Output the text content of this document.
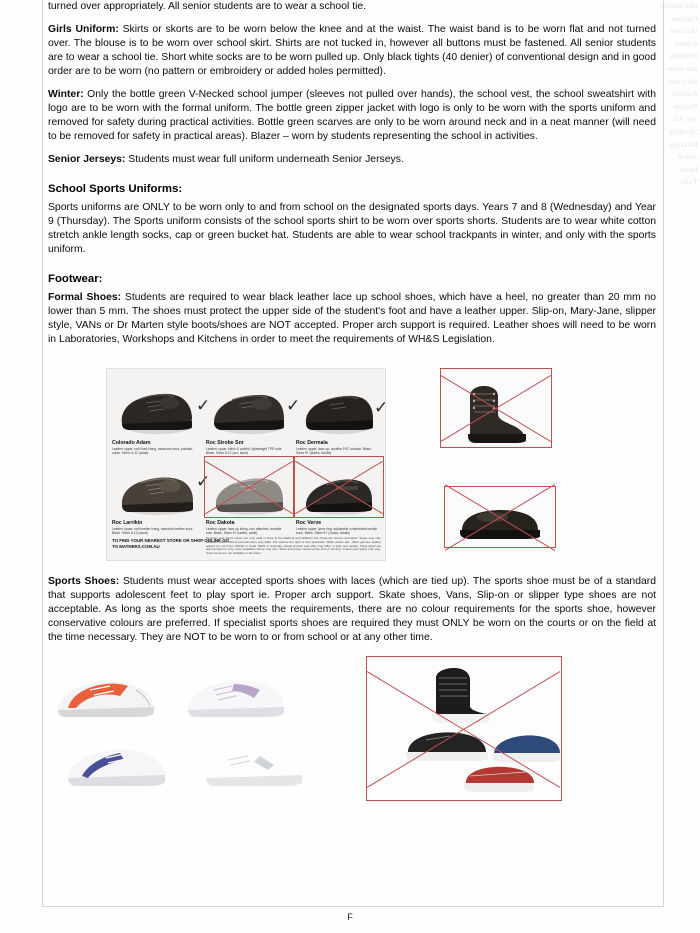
noitamrofni
enoitpO
mrofinU
loohcS
stnedutS
erom dna
dna trihS
troohcS
desaelP
llA uoy
gnihtolC
gnikraM
hcnuL
smetI
epyT

turned over appropriately. All senior students are to wear a school tie.

Girls Uniform: Skirts or skorts are to be worn below the knee and at the waist. The waist band is to be worn flat and not turned over. The blouse is to be worn over school skirt. Shirts are not tucked in, however all buttons must be fastened. All senior students are to wear a school tie. Short white socks are to be worn pulled up. Only black tights (40 denier) of conventional design and in good order are to be worn (no pattern or embroidery or added holes permitted).

Winter: Only the bottle green V-Necked school jumper (sleeves not pulled over hands), the school vest, the school sweatshirt with logo are to be worn with the formal uniform. The bottle green zipper jacket with logo is only to be worn with the sports uniform and removed for safety during practical activities. Bottle green scarves are only to be worn around neck and in a neat manner (will need to be removed for safety in practical areas). Blazer – worn by students representing the school in activities.

Senior Jerseys: Students must wear full uniform underneath Senior Jerseys.

School Sports Uniforms:

Sports uniforms are ONLY to be worn only to and from school on the designated sports days. Years 7 and 8 (Wednesday) and Year 9 (Thursday). The Sports uniform consists of the school sports shirt to be worn over sports shorts. Students are to wear white cotton stretch ankle length socks, cap or green bucket hat. Students are able to wear school trackpants in winter, and only with the sports uniform.

Footwear:

Formal Shoes: Students are required to wear black leather lace up school shoes, which have a heel, no greater than 20 mm no lower than 5 mm. The shoes must protect the upper side of the student's foot and have a leather upper. Slip-on, Mary-Jane, slipper style, VANs or Dr Marten style boots/shoes are NOT accepted. Proper arch support is required. Leather shoes will need to be worn in Laboratories, Workshops and Kitchens in order to meet the requirements of WH&S Legislation.

✓
Colorado Adam
Leather upper, soft lined lining, tamboard sock, padded collar. Sizes: 6-12 (adult)
✓
Roc Strobe Snr
Leather upper, stitch & quilted, lightweight TPR sole. Black. Sizes 6-12 (snr, adult)
✓
Roc Dermala
Leather upper, lace-up, durable PVC outsole. Black. Sizes 5+ (ladies, Adults)
✓
Roc Larrikin
Leather upper, soft leather lining, standard leather sock. Black. Sizes 8-13 (adult)
Roc Dakota
Leather upper, lace-up lining, non attached, durable sole. Black. Sizes 5+ (ladies, adult)
Roc Verve
Leather upper, lycra ring, adjustable comfortable buckle sock. Black. Sizes 5+ (Junior, Adults)
TO FIND YOUR NEAREST STORE OR SHOP ONLINE GO TO MATHERS.COM.AU
Products and prices shown are only valid in store at the Mathers and Williams The Shoemen stores nominated. Styles may vary between stores. Where pictorial sizes may differ. We reserve the right to limit quantities. While stocks last. 100% genuine leather uppers for our FULL PRICE or Code 'NEW' in Australia; actual product and offer may differ in style and design. Sizes listed are approximate for only; sizes available instore may vary. Sizes and prices correct at the time of printing. Colours and styles may vary. Some items are not available in all stores.

Sports Shoes: Students must wear accepted sports shoes with laces (which are tied up). The sports shoe must be of a standard that supports adolescent feet to play sport ie. Proper arch support. Skate shoes, Vans, Slip-on or slipper type shoes are not acceptable. As long as the sports shoe meets the requirements, there are no colour requirements for the sports shoe, however conservative colours are preferred. If specialist sports shoes are required they must ONLY be worn on the courts or on the field at the time necessary. They are NOT to be worn to or from school or at any other time.

F
